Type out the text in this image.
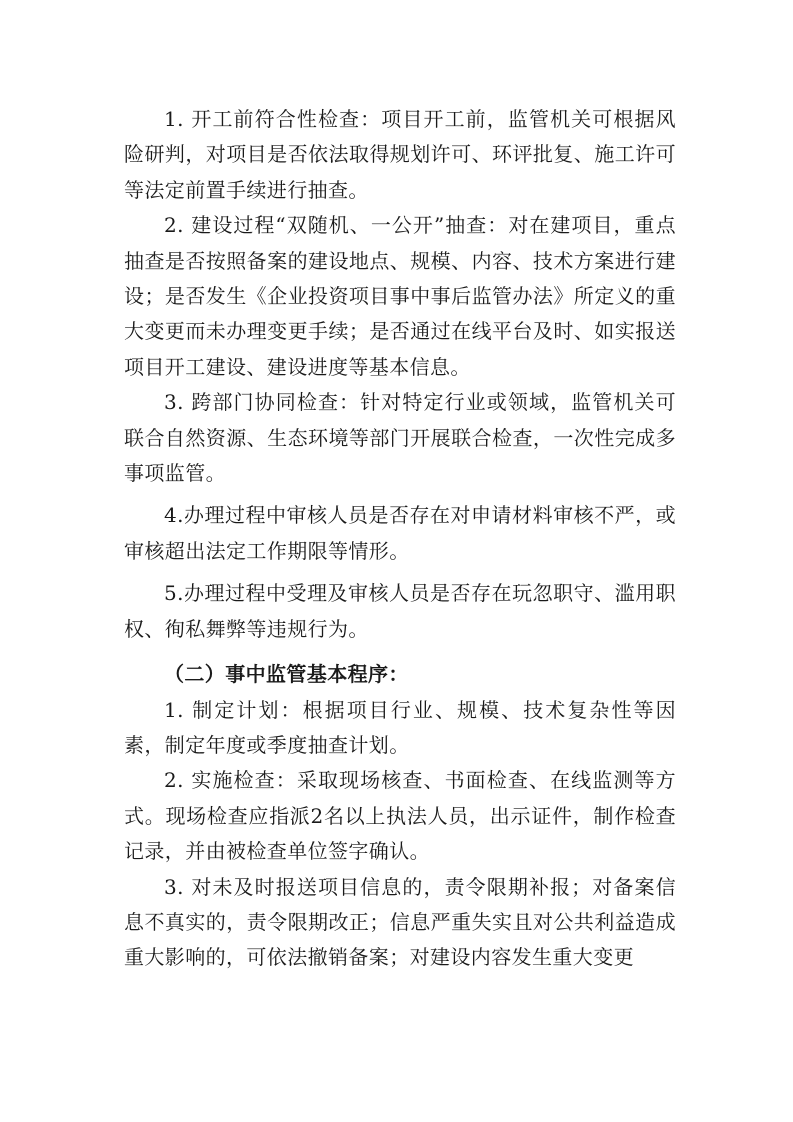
1. 开工前符合性检查：项目开工前，监管机关可根据风险研判，对项目是否依法取得规划许可、环评批复、施工许可等法定前置手续进行抽查。

2. 建设过程“双随机、一公开”抽查：对在建项目，重点抽查是否按照备案的建设地点、规模、内容、技术方案进行建设；是否发生《企业投资项目事中事后监管办法》所定义的重大变更而未办理变更手续；是否通过在线平台及时、如实报送项目开工建设、建设进度等基本信息。

3. 跨部门协同检查：针对特定行业或领域，监管机关可联合自然资源、生态环境等部门开展联合检查，一次性完成多事项监管。

4.办理过程中审核人员是否存在对申请材料审核不严，或审核超出法定工作期限等情形。

5.办理过程中受理及审核人员是否存在玩忽职守、滥用职权、徇私舞弊等违规行为。

（二）事中监管基本程序：

1. 制定计划：根据项目行业、规模、技术复杂性等因素，制定年度或季度抽查计划。

2. 实施检查：采取现场核查、书面检查、在线监测等方式。现场检查应指派2名以上执法人员，出示证件，制作检查记录，并由被检查单位签字确认。

3. 对未及时报送项目信息的，责令限期补报；对备案信息不真实的，责令限期改正；信息严重失实且对公共利益造成重大影响的，可依法撤销备案；对建设内容发生重大变更
